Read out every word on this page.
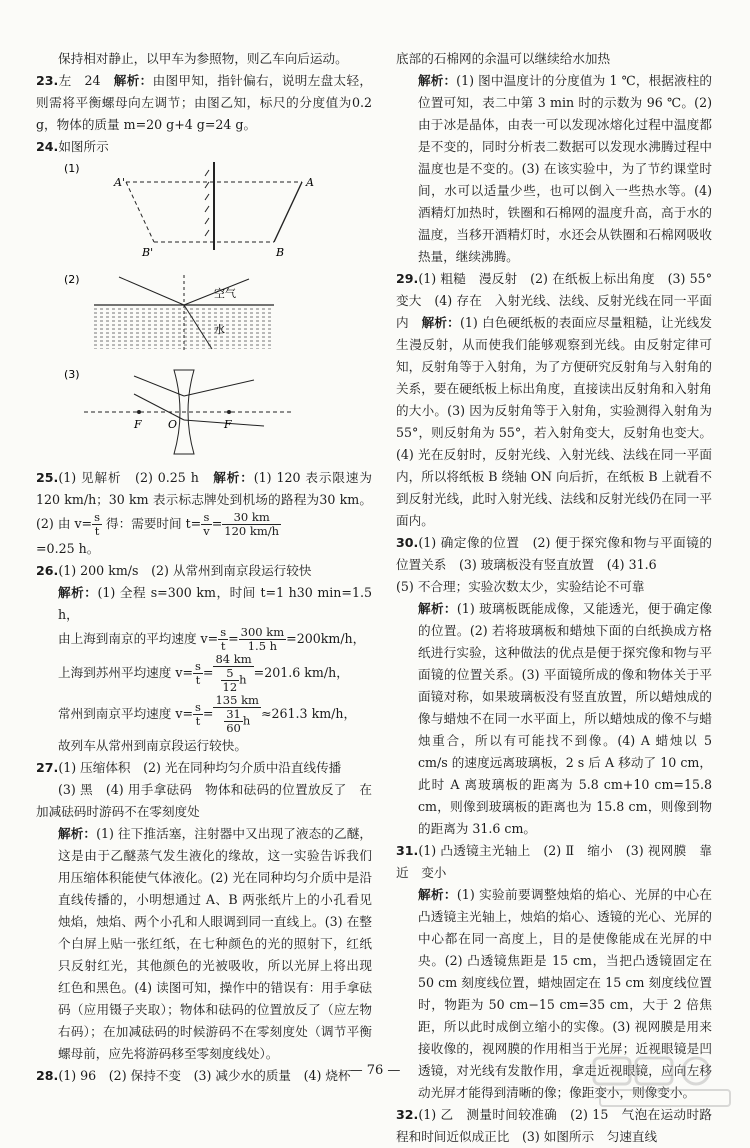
保持相对静止，以甲车为参照物，则乙车向后运动。

23.左　24　解析：由图甲知，指针偏右，说明左盘太轻，则需将平衡螺母向左调节；由图乙知，标尺的分度值为0.2 g，物体的质量 m=20 g+4 g=24 g。

24.如图所示

(1)
A'	A
B'	B

(2)
空气
水

(3)
F O	F

25.(1) 见解析　(2) 0.25 h　解析：(1) 120 表示限速为120 km/h；30 km 表示标志牌处到机场的路程为30 km。(2) 由 $v= \frac{s}{t}$ 得：需要时间 $t= \frac{s}{v} = \frac{30 km}{120 km/h}$

=0.25 h。

26.(1) 200 km/s　(2) 从常州到南京段运行较快

解析：(1) 全程 s=300 km，时间 t=1 h30 min=1.5 h，
由上海到南京的平均速度 $v= \frac{s}{t} = \frac{300 km}{1.5 h} =200km/h$，
上海到苏州平均速度 $v= \frac{s}{t} = \frac{84 km}{\frac{5}{12} h} =201.6$ km/h，
常州到南京平均速度 $v= \frac{s}{t} = \frac{135 km}{\frac{31}{60} h} \approx 261.3$ km/h，
故列车从常州到南京段运行较快。

27.(1) 压缩体积　(2) 光在同种均匀介质中沿直线传播
(3) 黑　(4) 用手拿砝码　物体和砝码的位置放反了　在加减砝码时游码不在零刻度处

解析：(1) 往下推活塞，注射器中又出现了液态的乙醚，这是由于乙醚蒸气发生液化的缘故，这一实验告诉我们用压缩体积能使气体液化。(2) 光在同种均匀介质中是沿直线传播的，小明想通过 A、B 两张纸片上的小孔看见烛焰，烛焰、两个小孔和人眼调到同一直线上。(3) 在整个白屏上贴一张红纸，在七种颜色的光的照射下，红纸只反射红光，其他颜色的光被吸收，所以光屏上将出现红色和黑色。(4) 读图可知，操作中的错误有：用手拿砝码（应用镊子夹取）；物体和砝码的位置放反了（应左物右码）；在加减砝码的时候游码不在零刻度处（调节平衡螺母前，应先将游码移至零刻度线处）。

28.(1) 96　(2) 保持不变　(3) 减少水的质量　(4) 烧杯

底部的石棉网的余温可以继续给水加热

解析：(1) 图中温度计的分度值为 1 ℃，根据液柱的位置可知，表二中第 3 min 时的示数为 96 ℃。(2) 由于冰是晶体，由表一可以发现冰熔化过程中温度都是不变的，同时分析表二数据可以发现水沸腾过程中温度也是不变的。(3) 在该实验中，为了节约课堂时间，水可以适量少些，也可以倒入一些热水等。(4) 酒精灯加热时，铁圈和石棉网的温度升高，高于水的温度，当移开酒精灯时，水还会从铁圈和石棉网吸收热量，继续沸腾。

29.(1) 粗糙　漫反射　(2) 在纸板上标出角度　(3) 55°变大　(4) 存在　入射光线、法线、反射光线在同一平面内　解析：(1) 白色硬纸板的表面应尽量粗糙，让光线发生漫反射，从而使我们能够观察到光线。由反射定律可知，反射角等于入射角，为了方便研究反射角与入射角的关系，要在硬纸板上标出角度，直接读出反射角和入射角的大小。(3) 因为反射角等于入射角，实验测得入射角为 55°，则反射角为 55°，若入射角变大，反射角也变大。(4) 光在反射时，反射光线、入射光线、法线在同一平面内，所以将纸板 B 绕轴 ON 向后折，在纸板 B 上就看不到反射光线，此时入射光线、法线和反射光线仍在同一平面内。

30.(1) 确定像的位置　(2) 便于探究像和物与平面镜的位置关系　(3) 玻璃板没有竖直放置　(4) 31.6
(5) 不合理；实验次数太少，实验结论不可靠

解析：(1) 玻璃板既能成像，又能透光，便于确定像的位置。(2) 若将玻璃板和蜡烛下面的白纸换成方格纸进行实验，这种做法的优点是便于探究像和物与平面镜的位置关系。(3) 平面镜所成的像和物体关于平面镜对称，如果玻璃板没有竖直放置，所以蜡烛成的像与蜡烛不在同一水平面上，所以蜡烛成的像不与蜡烛重合，所以有可能找不到像。(4) A 蜡烛以 5 cm/s 的速度远离玻璃板，2 s 后 A 移动了 10 cm，此时 A 离玻璃板的距离为 5.8 cm+10 cm=15.8 cm，则像到玻璃板的距离也为 15.8 cm，则像到物的距离为 31.6 cm。

31.(1) 凸透镜主光轴上　(2) Ⅱ　缩小　(3) 视网膜　靠近　变小

解析：(1) 实验前要调整烛焰的焰心、光屏的中心在凸透镜主光轴上，烛焰的焰心、透镜的光心、光屏的中心都在同一高度上，目的是使像能成在光屏的中央。(2) 凸透镜焦距是 15 cm，当把凸透镜固定在 50 cm 刻度线位置，蜡烛固定在 15 cm 刻度线位置时，物距为 50 cm−15 cm=35 cm，大于 2 倍焦距，所以此时成倒立缩小的实像。(3) 视网膜是用来接收像的，视网膜的作用相当于光屏；近视眼镜是凹透镜，对光线有发散作用，拿走近视眼镜，应向左移动光屏才能得到清晰的像；像距变小，则像变小。

32.(1) 乙　测量时间较准确　(2) 15　气泡在运动时路程和时间近似成正比　(3) 如图所示　匀速直线

— 76 —
